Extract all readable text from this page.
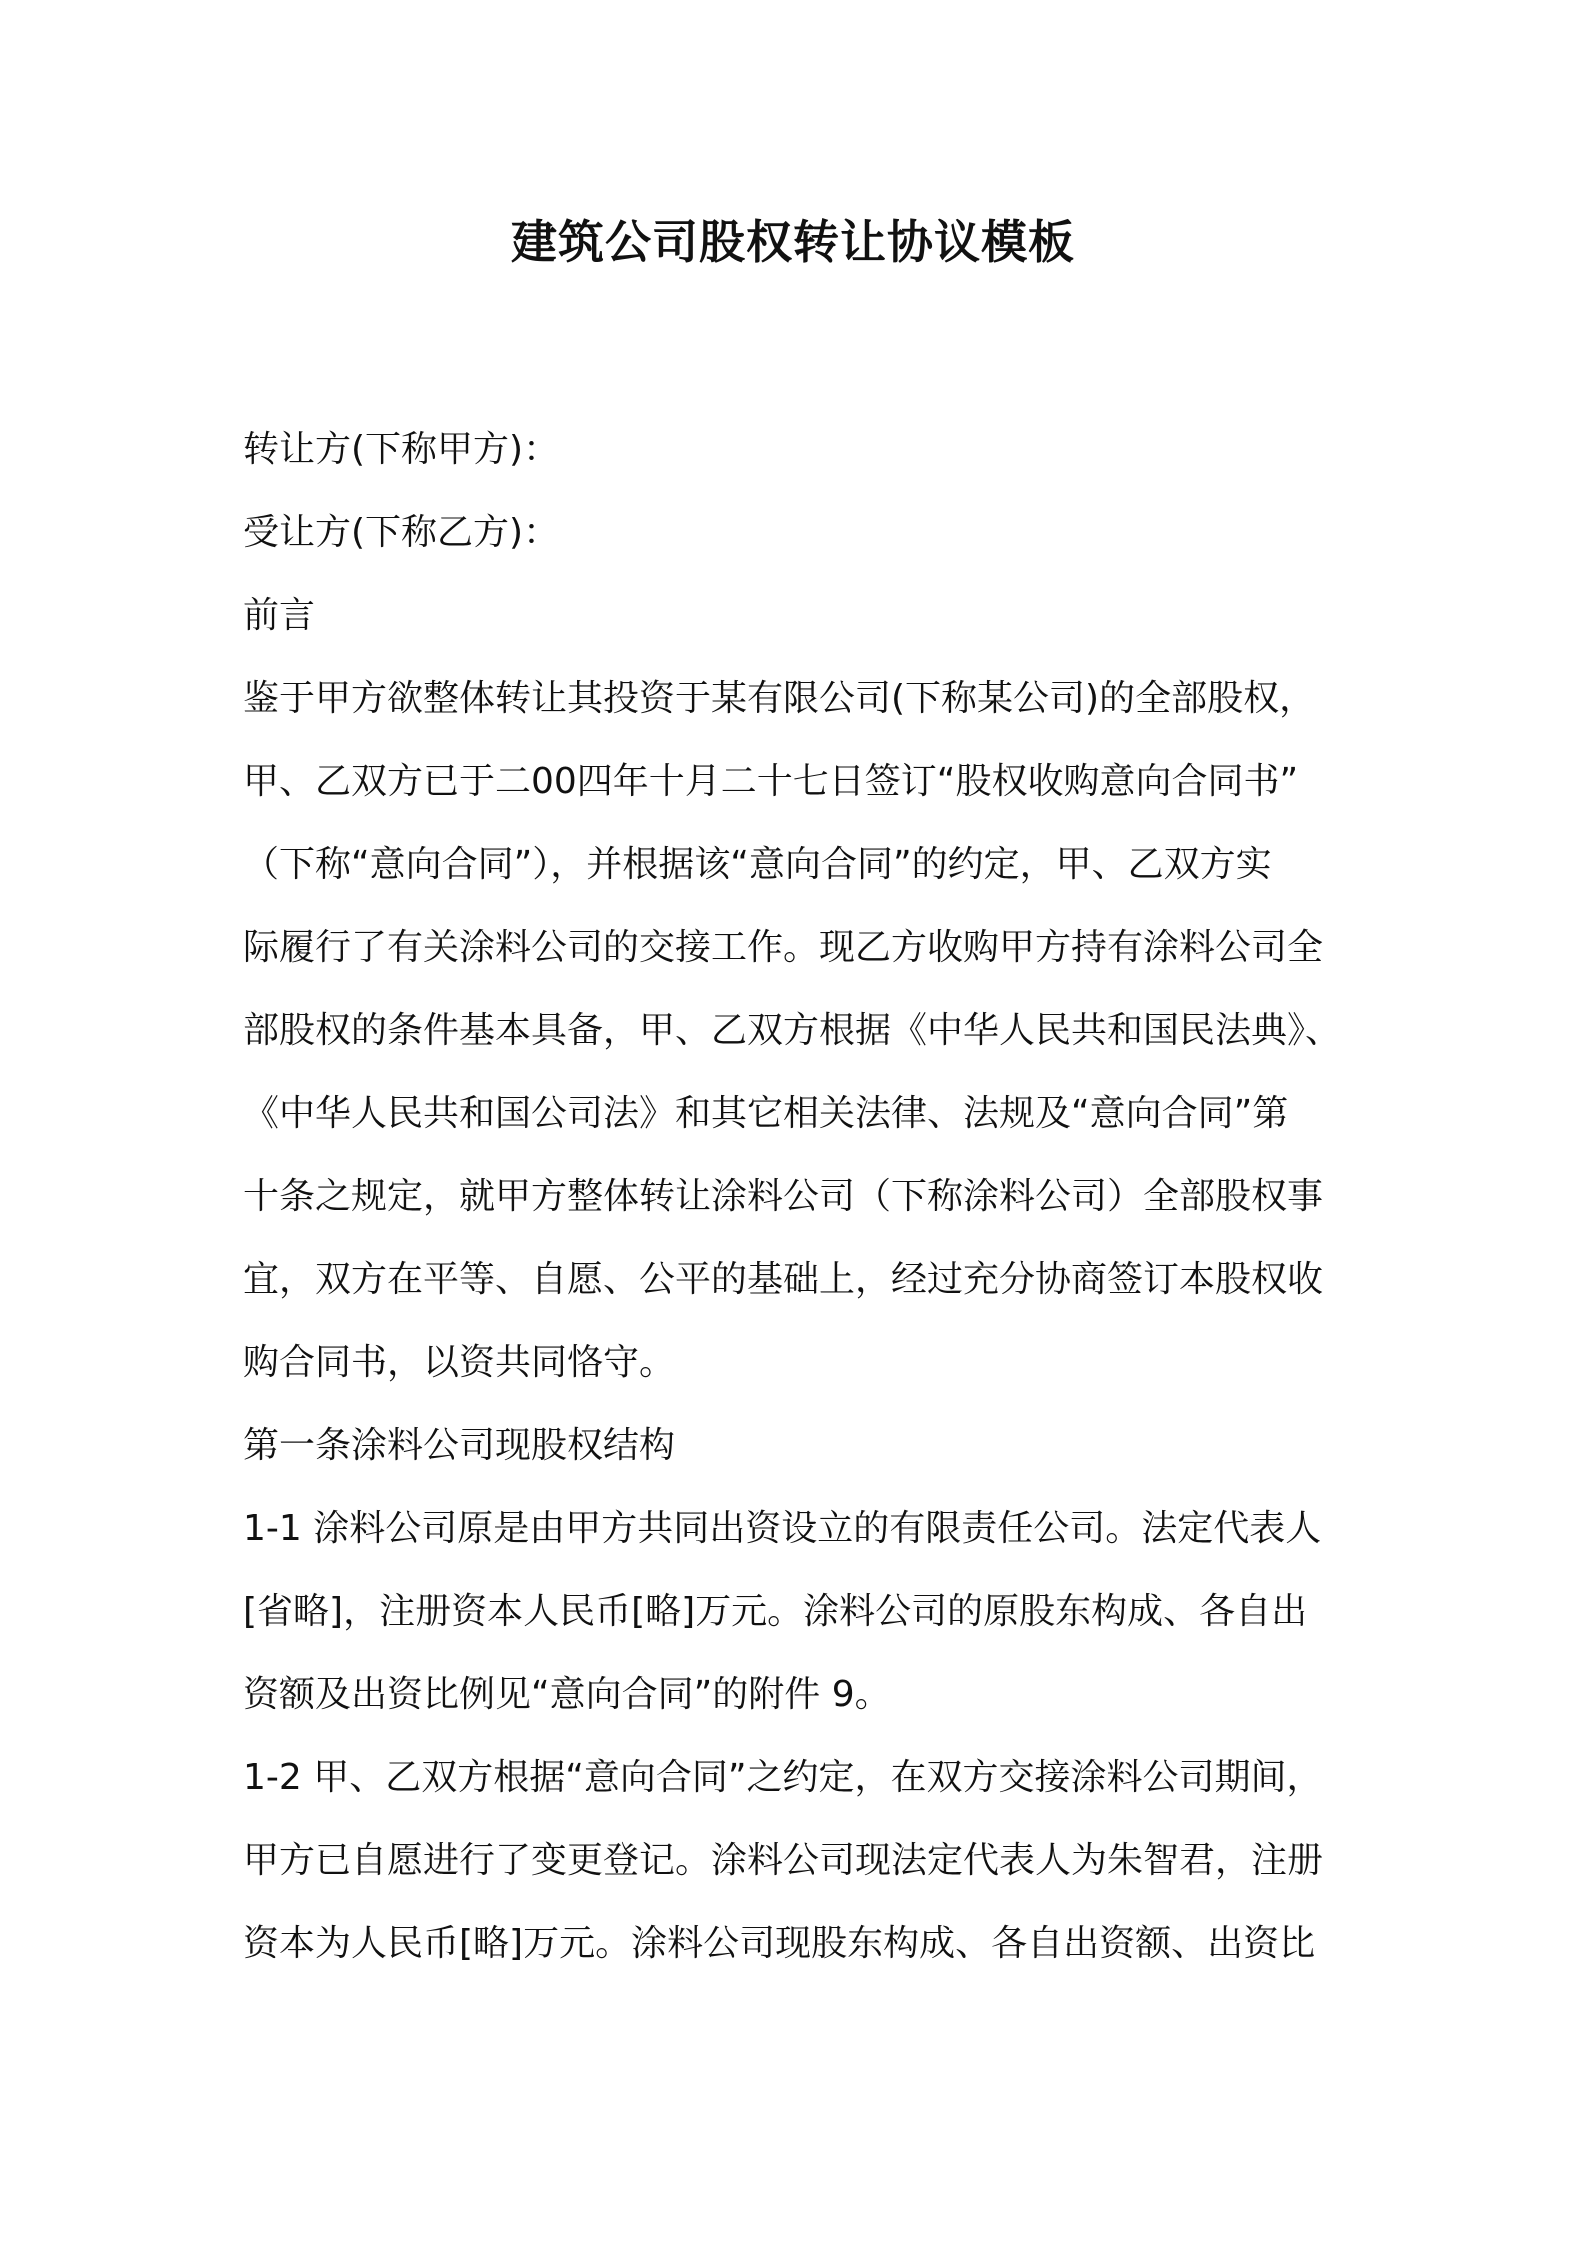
建筑公司股权转让协议模板
转让方(下称甲方)：
受让方(下称乙方)：
前言
鉴于甲方欲整体转让其投资于某有限公司(下称某公司)的全部股权，
甲、乙双方已于二00四年十月二十七日签订“股权收购意向合同书”
（下称“意向合同”），并根据该“意向合同”的约定，甲、乙双方实
际履行了有关涂料公司的交接工作。现乙方收购甲方持有涂料公司全
部股权的条件基本具备，甲、乙双方根据《中华人民共和国民法典》、
《中华人民共和国公司法》和其它相关法律、法规及“意向合同”第
十条之规定，就甲方整体转让涂料公司（下称涂料公司）全部股权事
宜，双方在平等、自愿、公平的基础上，经过充分协商签订本股权收
购合同书，以资共同恪守。
第一条涂料公司现股权结构
1-1 涂料公司原是由甲方共同出资设立的有限责任公司。法定代表人
[省略]，注册资本人民币[略]万元。涂料公司的原股东构成、各自出
资额及出资比例见“意向合同”的附件 9。
1-2 甲、乙双方根据“意向合同”之约定，在双方交接涂料公司期间，
甲方已自愿进行了变更登记。涂料公司现法定代表人为朱智君，注册
资本为人民币[略]万元。涂料公司现股东构成、各自出资额、出资比
